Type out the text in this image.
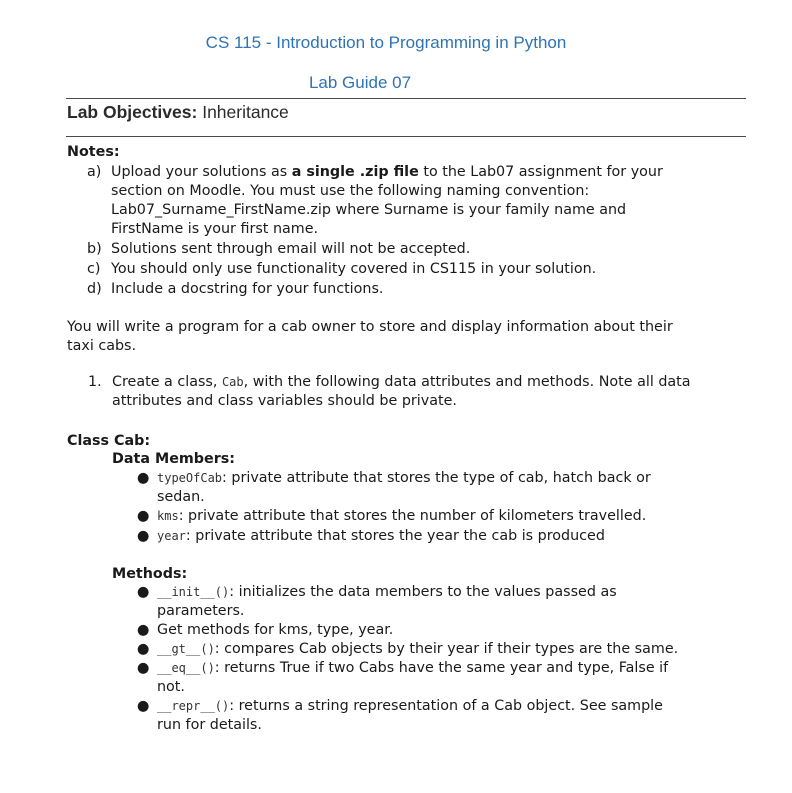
CS 115 - Introduction to Programming in Python
Lab Guide 07
Lab Objectives: Inheritance
Notes:
a) Upload your solutions as a single .zip file to the Lab07 assignment for your
section on Moodle. You must use the following naming convention:
Lab07_Surname_FirstName.zip where Surname is your family name and
FirstName is your first name.
b) Solutions sent through email will not be accepted.
c) You should only use functionality covered in CS115 in your solution.
d) Include a docstring for your functions.
You will write a program for a cab owner to store and display information about their
taxi cabs.
1. Create a class, Cab, with the following data attributes and methods. Note all data
attributes and class variables should be private.
Class Cab:
Data Members:
● typeOfCab: private attribute that stores the type of cab, hatch back or
sedan.
● kms: private attribute that stores the number of kilometers travelled.
● year: private attribute that stores the year the cab is produced
Methods:
● __init__(): initializes the data members to the values passed as
parameters.
● Get methods for kms, type, year.
● __gt__(): compares Cab objects by their year if their types are the same.
● __eq__(): returns True if two Cabs have the same year and type, False if
not.
● __repr__(): returns a string representation of a Cab object. See sample
run for details.
